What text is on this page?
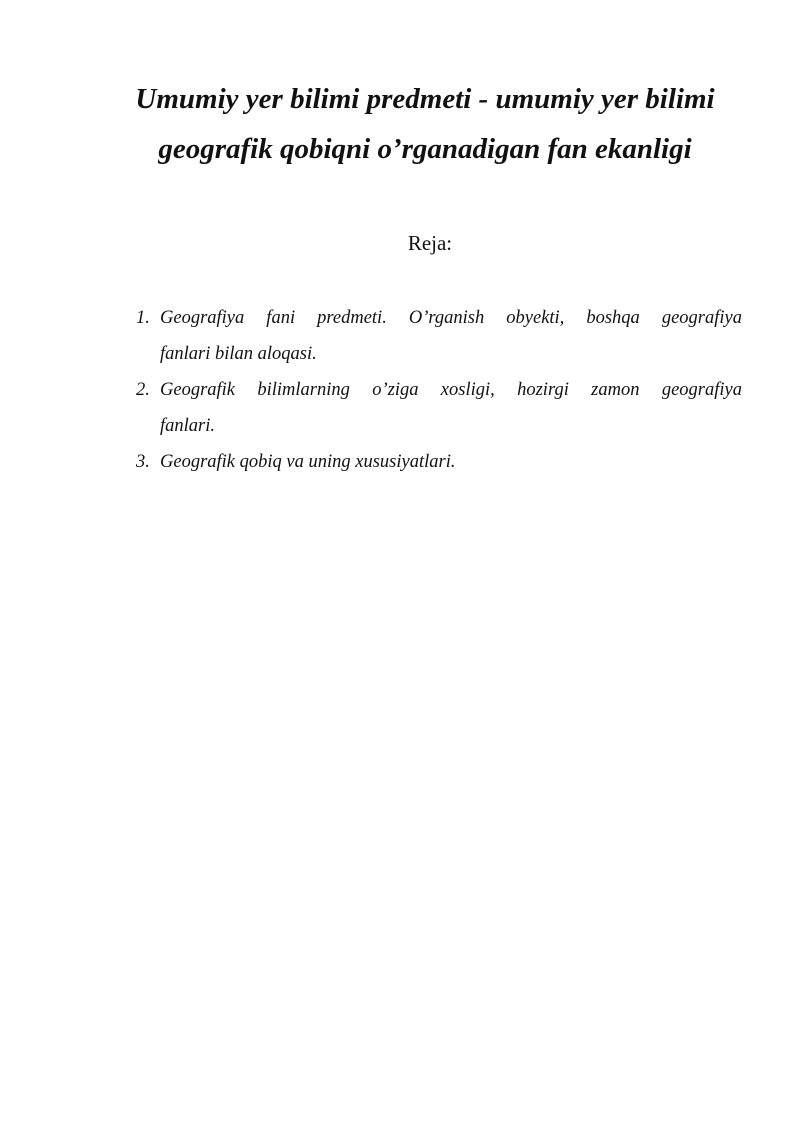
Umumiy yer bilimi predmeti - umumiy yer bilimi
geografik qobiqni o’rganadigan fan ekanligi
Reja:
1. Geografiya fani predmeti. O’rganish obyekti, boshqa geografiya
fanlari bilan aloqasi.
2. Geografik bilimlarning o’ziga xosligi, hozirgi zamon geografiya
fanlari.
3. Geografik qobiq va uning xususiyatlari.
